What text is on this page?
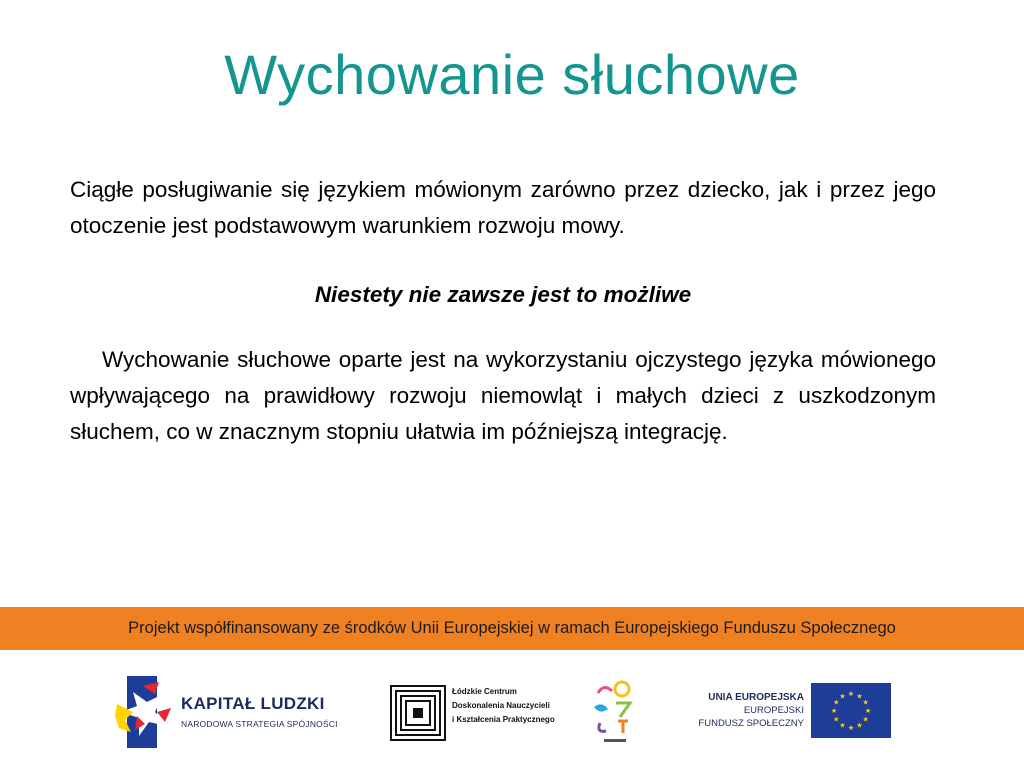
Wychowanie słuchowe

Ciągłe posługiwanie się językiem mówionym zarówno przez dziecko, jak i przez jego otoczenie jest podstawowym warunkiem rozwoju mowy.

Niestety nie zawsze jest to możliwe

Wychowanie słuchowe oparte jest na wykorzystaniu ojczystego języka mówionego wpływającego na prawidłowy rozwoju niemowląt i małych dzieci z uszkodzonym słuchem, co w znacznym stopniu ułatwia im późniejszą integrację.

Projekt współfinansowany ze środków Unii Europejskiej w ramach Europejskiego Funduszu Społecznego
KAPITAŁ LUDZKI
NARODOWA STRATEGIA SPÓJNOŚCI
Łódzkie Centrum
Doskonalenia Nauczycieli
i Kształcenia Praktycznego
UNIA EUROPEJSKA
EUROPEJSKI
FUNDUSZ SPOŁECZNY
★ ★
★
★
★
★
★
★
★
★
★
★
